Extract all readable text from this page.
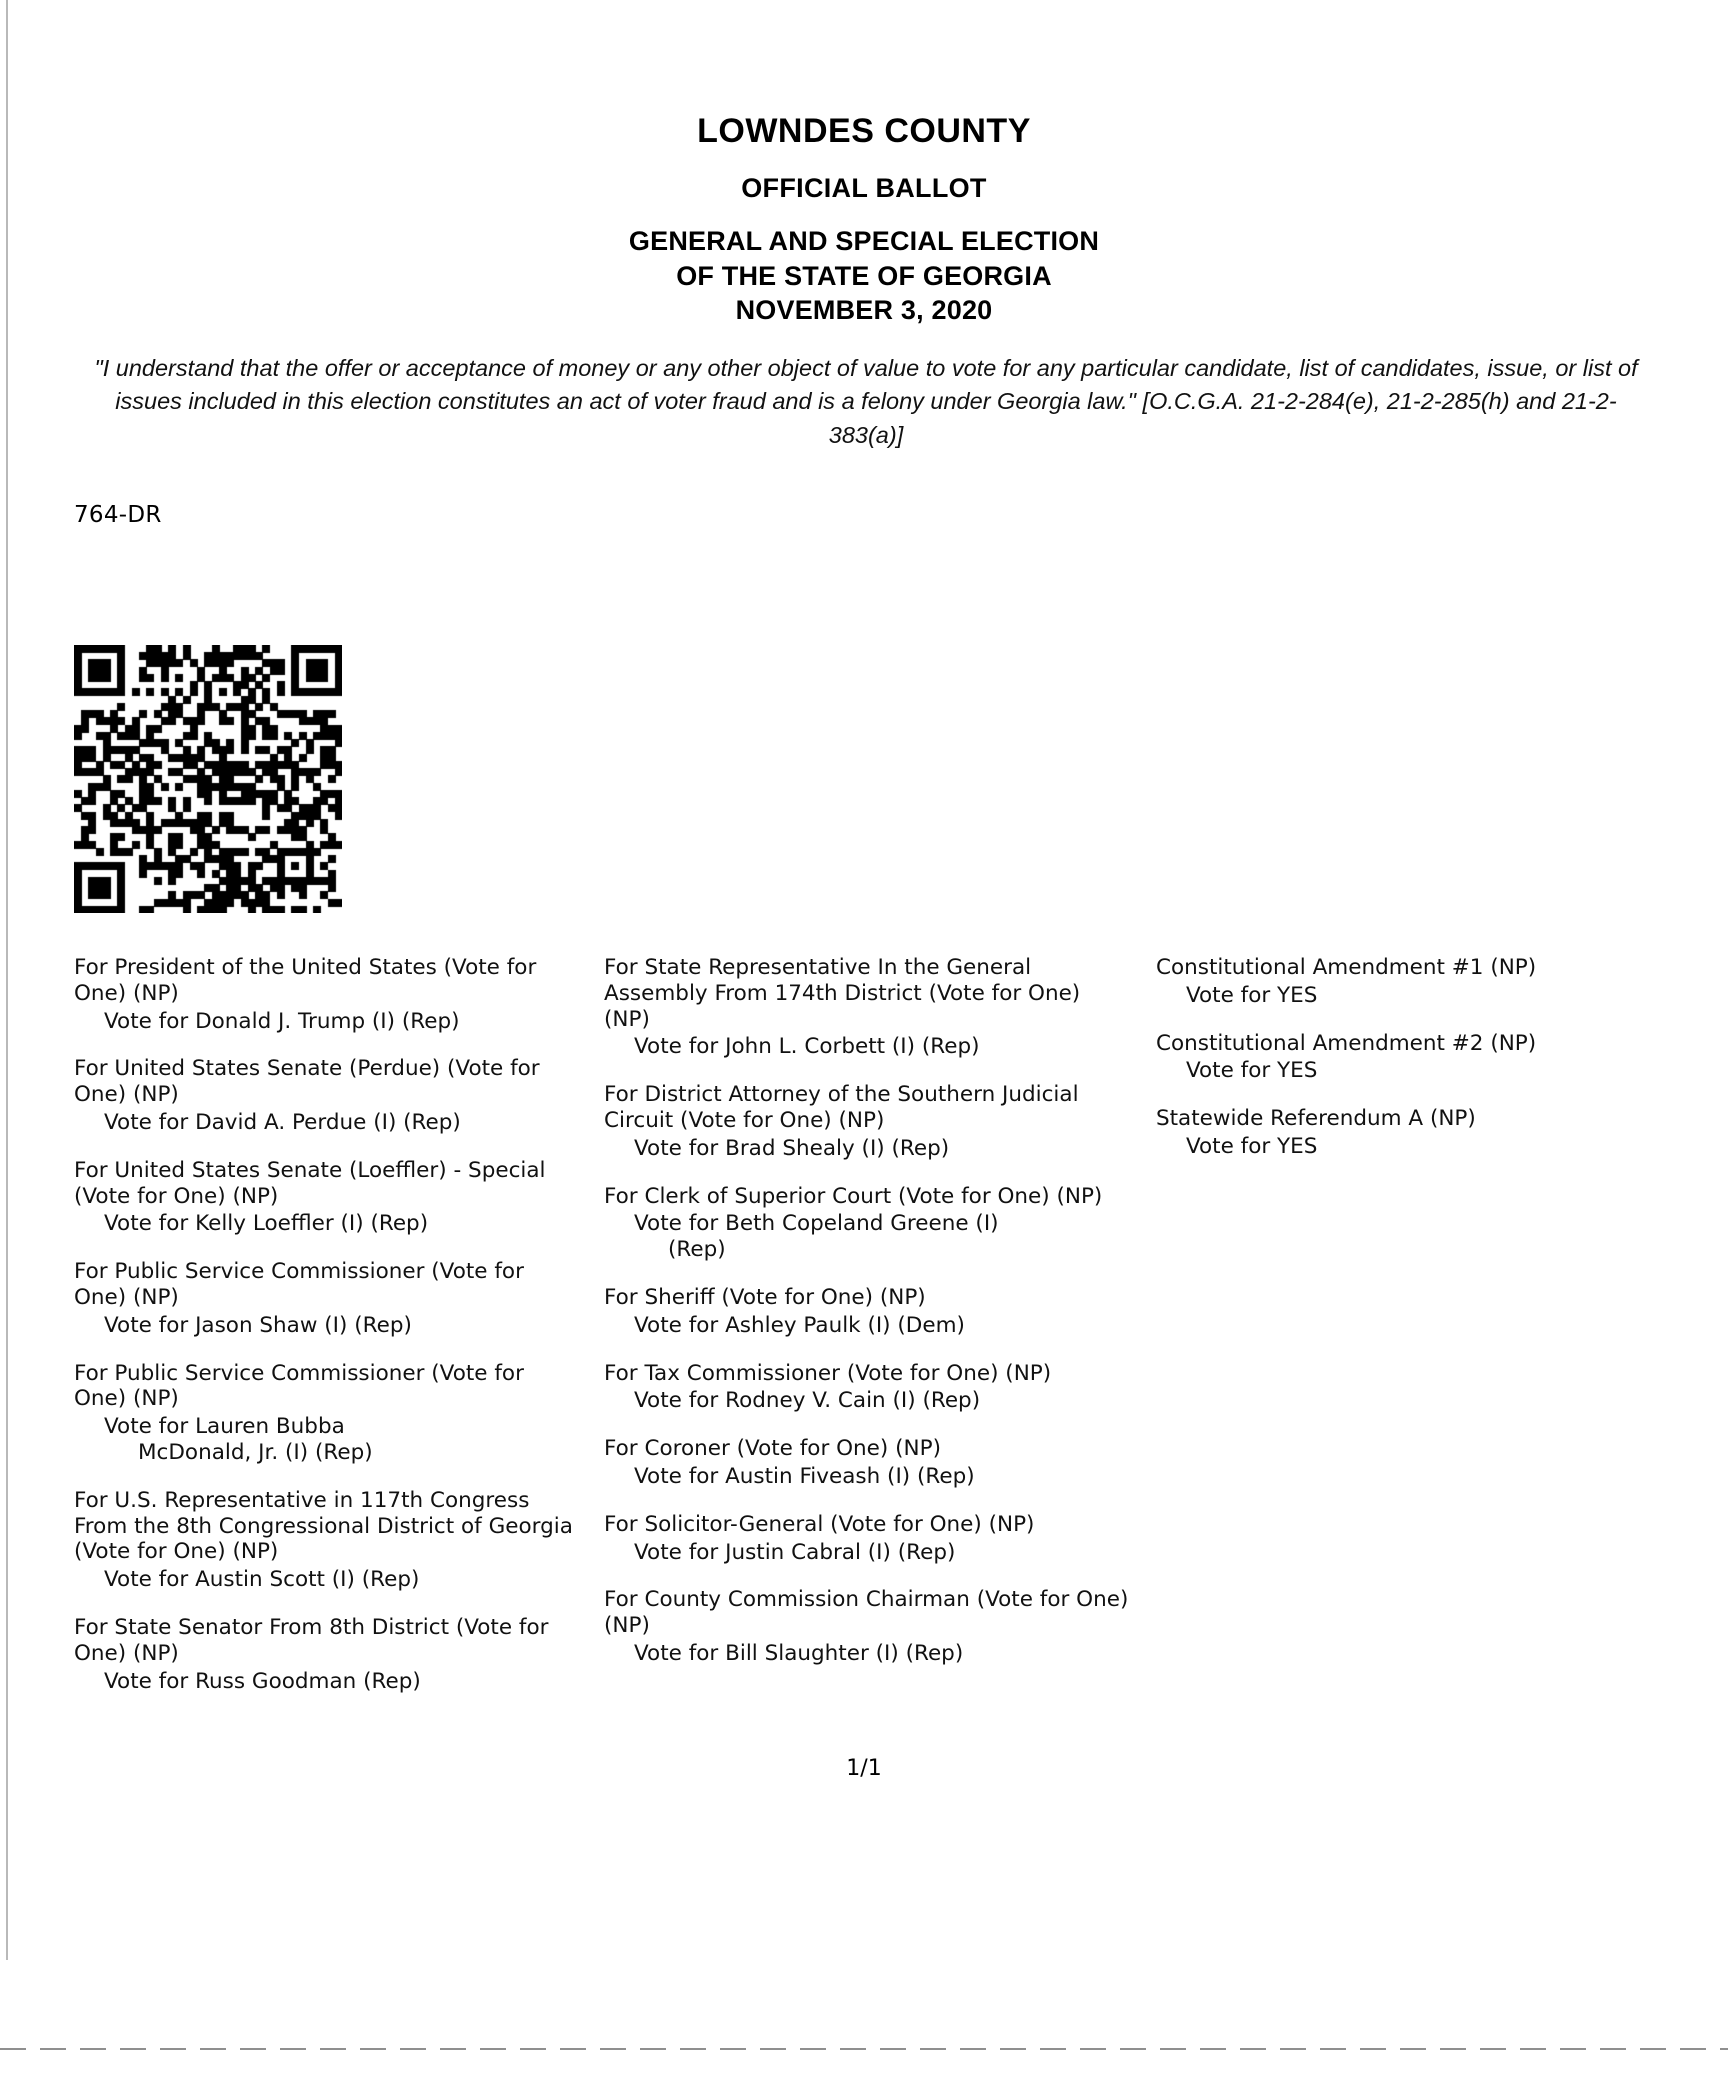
LOWNDES COUNTY
OFFICIAL BALLOT
GENERAL AND SPECIAL ELECTION
OF THE STATE OF GEORGIA
NOVEMBER 3, 2020
"I understand that the offer or acceptance of money or any other object of value to vote for any particular candidate, list of candidates, issue, or list of issues included in this election constitutes an act of voter fraud and is a felony under Georgia law." [O.C.G.A. 21-2-284(e), 21-2-285(h) and 21-2-383(a)]
764-DR
For President of the United States (Vote for One) (NP)
Vote for Donald J. Trump (I) (Rep)
For United States Senate (Perdue) (Vote for One) (NP)
Vote for David A. Perdue (I) (Rep)
For United States Senate (Loeffler) - Special (Vote for One) (NP)
Vote for Kelly Loeffler (I) (Rep)
For Public Service Commissioner (Vote for One) (NP)
Vote for Jason Shaw (I) (Rep)
For Public Service Commissioner (Vote for One) (NP)
Vote for Lauren Bubba
McDonald, Jr. (I) (Rep)
For U.S. Representative in 117th Congress From the 8th Congressional District of Georgia (Vote for One) (NP)
Vote for Austin Scott (I) (Rep)
For State Senator From 8th District (Vote for One) (NP)
Vote for Russ Goodman (Rep)
For State Representative In the General Assembly From 174th District (Vote for One) (NP)
Vote for John L. Corbett (I) (Rep)
For District Attorney of the Southern Judicial Circuit (Vote for One) (NP)
Vote for Brad Shealy (I) (Rep)
For Clerk of Superior Court (Vote for One) (NP)
Vote for Beth Copeland Greene (I)
(Rep)
For Sheriff (Vote for One) (NP)
Vote for Ashley Paulk (I) (Dem)
For Tax Commissioner (Vote for One) (NP)
Vote for Rodney V. Cain (I) (Rep)
For Coroner (Vote for One) (NP)
Vote for Austin Fiveash (I) (Rep)
For Solicitor-General (Vote for One) (NP)
Vote for Justin Cabral (I) (Rep)
For County Commission Chairman (Vote for One) (NP)
Vote for Bill Slaughter (I) (Rep)
Constitutional Amendment #1 (NP)
Vote for YES
Constitutional Amendment #2 (NP)
Vote for YES
Statewide Referendum A (NP)
Vote for YES
1/1
